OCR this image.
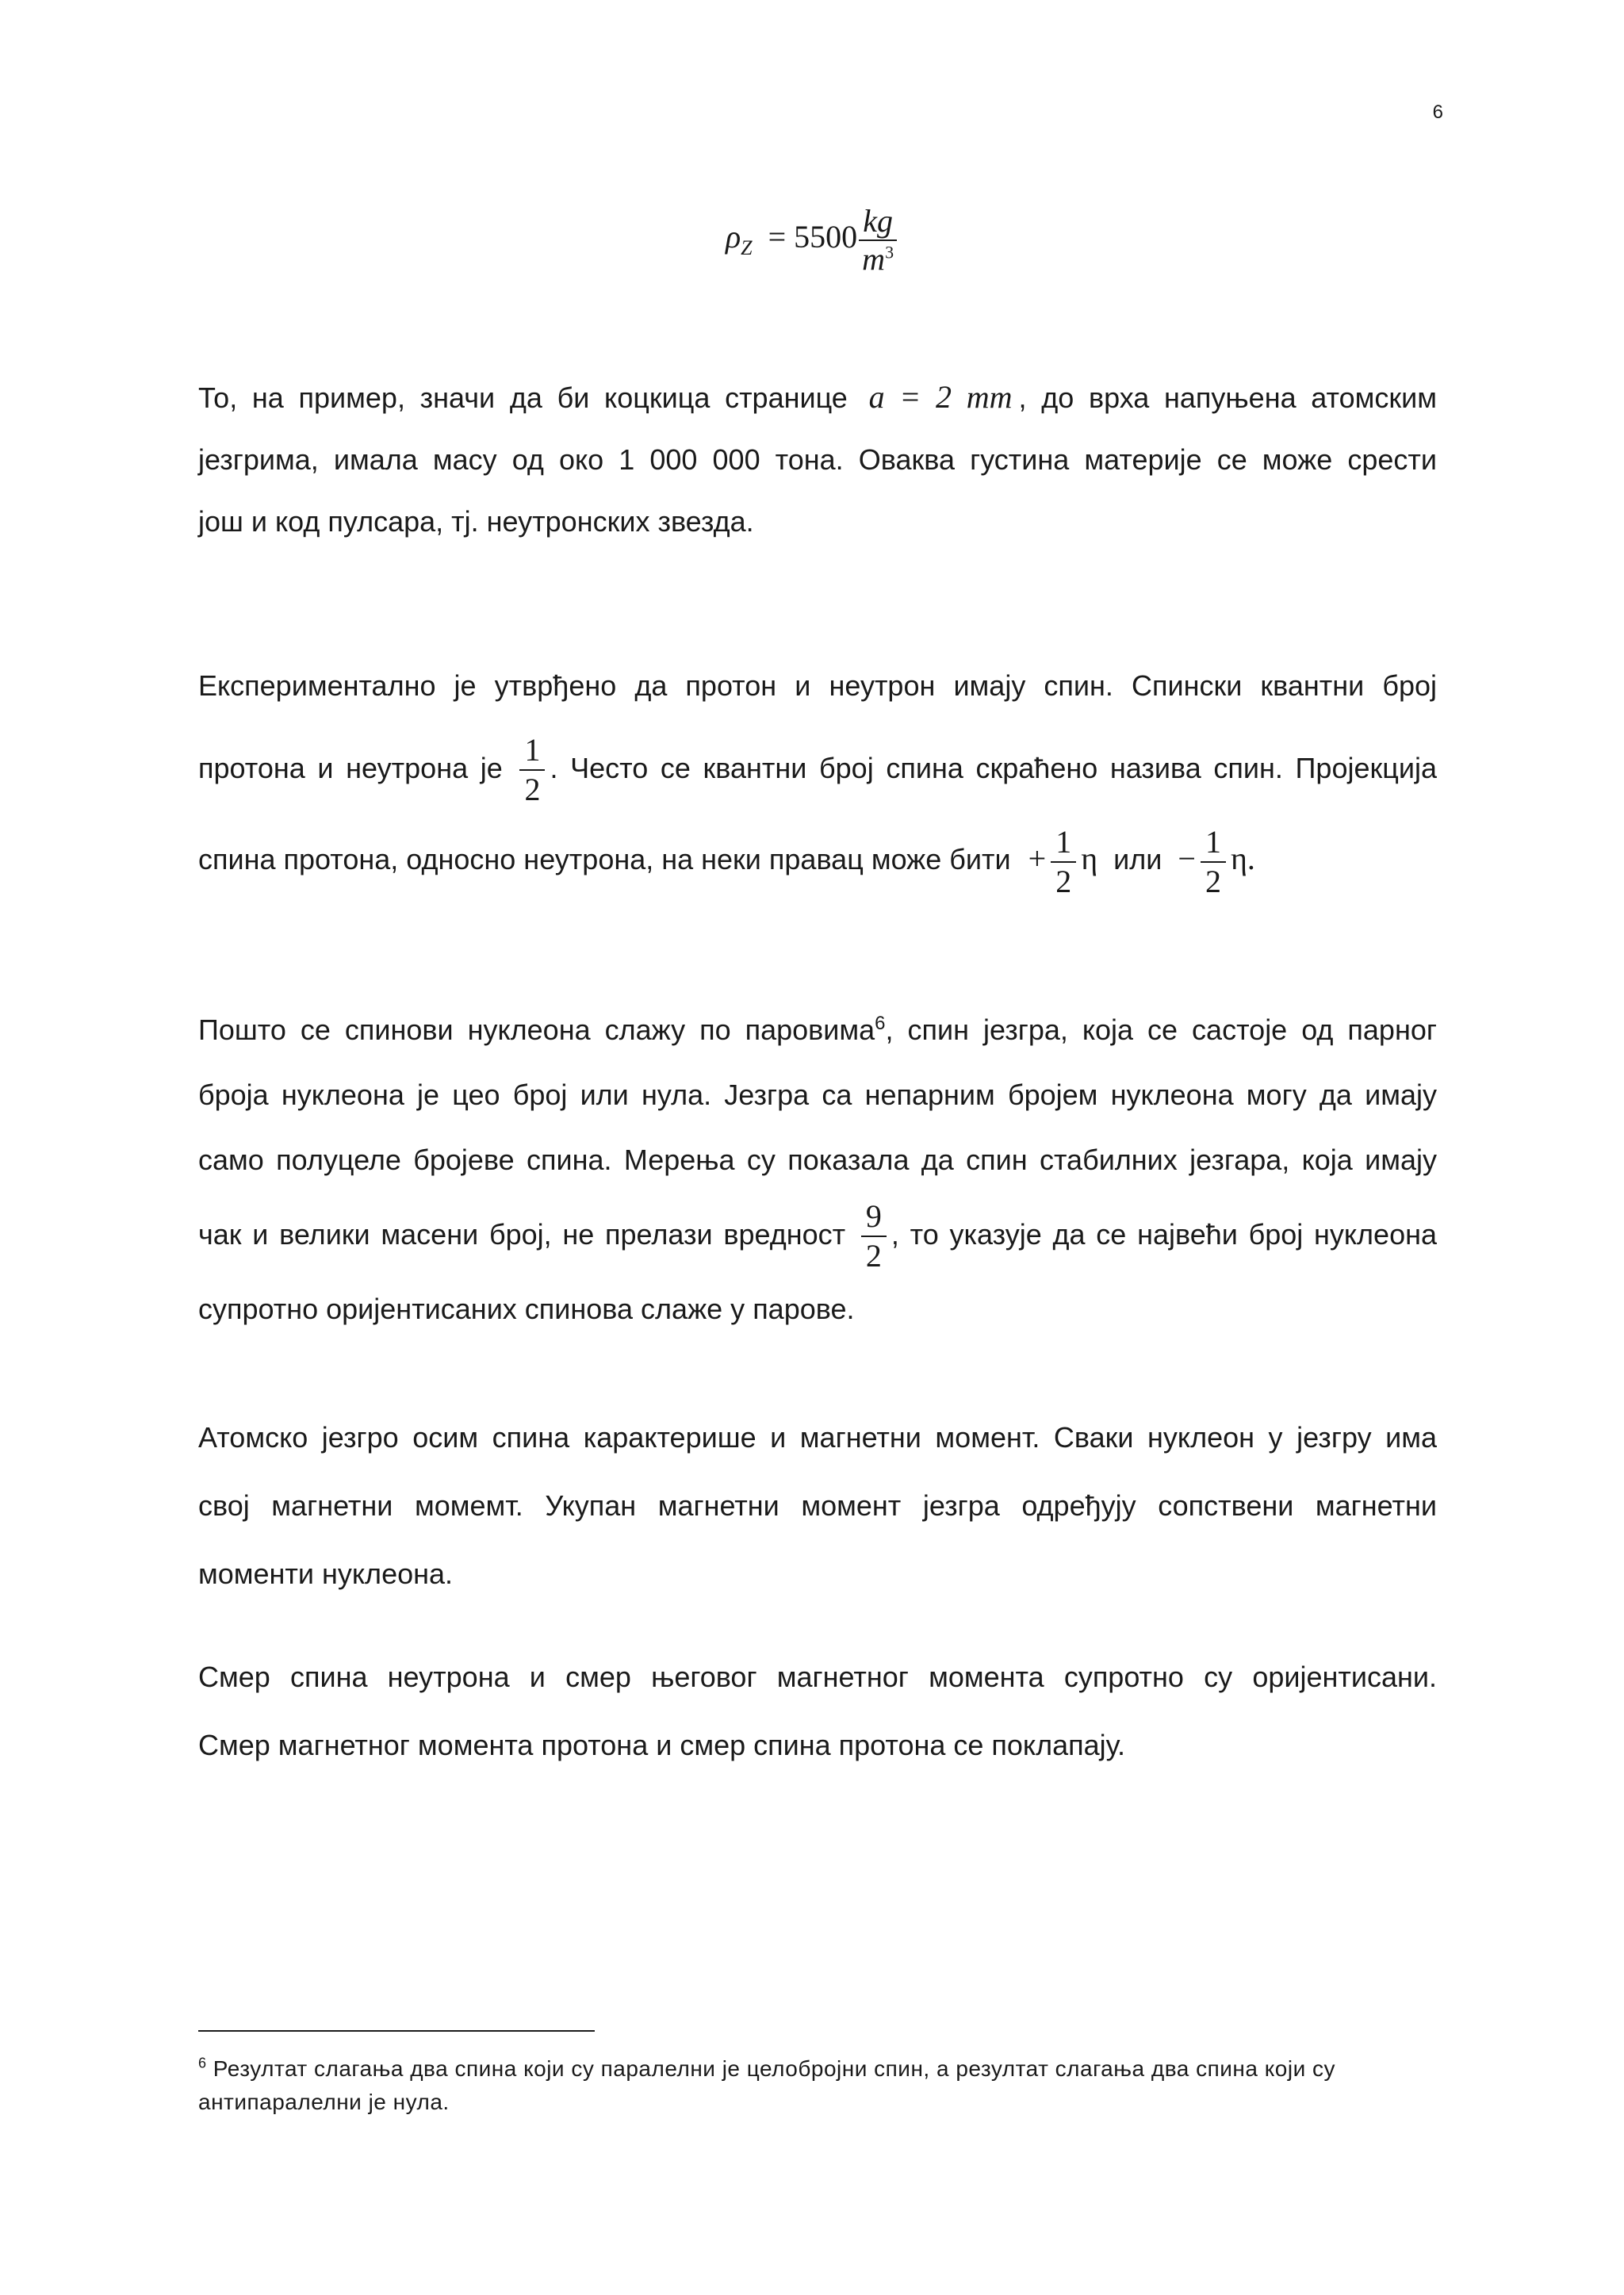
6
$\rho_Z = 5500 \frac{kg}{m^3}$
То, на пример, значи да би коцкица странице a = 2 mm , до врха напуњена атомским
језгрима, имала масу од око 1 000 000 тона. Оваква густина материје се може срести
још и код пулсара, тј. неутронских звезда.
Експериментално је утврђено да протон и неутрон имају спин. Спински квантни број
протона и неутрона је $\frac{1}{2}$ . Често се квантни број спина скраћено назива спин. Пројекција
спина протона, односно неутрона, на неки правац може бити + $\frac{1}{2}$ η или − $\frac{1}{2} \eta$.
Пошто се спинови нуклеона слажу по паровима$^6$, спин језгра, која се састоје од парног
броја нуклеона је цео број или нула. Језгра са непарним бројем нуклеона могу да имају
само полуцеле бројеве спина. Мерења су показала да спин стабилних језгара, која имају
чак и велики масени број, не прелази вредност $\frac{9}{2}$ , то указује да се највећи број нуклеона
супротно оријентисаних спинова слаже у парове.
Атомско језгро осим спина карактерише и магнетни момент. Сваки нуклеон у језгру има
свој магнетни момемт. Укупан магнетни момент језгра одређују сопствени магнетни
моменти нуклеона.
Смер спина неутрона и смер његовог магнетног момента супротно су оријентисани.
Смер магнетног момента протона и смер спина протона се поклапају.
$^6$ Резултат слагања два спина који су паралелни је целобројни спин, а резултат слагања два спина који су антипаралелни је нула.
